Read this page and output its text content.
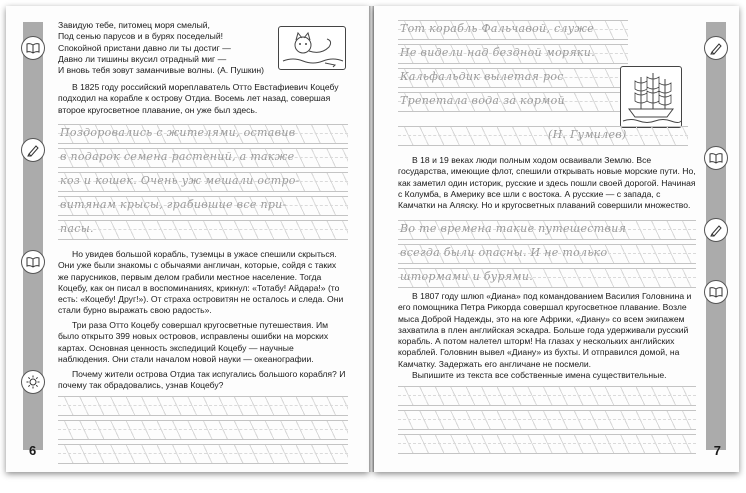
Завидую тебе, питомец моря смелый,

Под сенью парусов и в бурях поседелый!

Спокойной пристани давно ли ты достиг —

Давно ли тишины вкусил отрадный миг —

И вновь тебя зовут заманчивые волны. (А. Пушкин)

В 1825 году российский мореплаватель Отто Евстафиевич Коцебу подходил на корабле к острову Отдиа. Восемь лет назад, совершая второе кругосветное плавание, он уже был здесь.
Поздоровались с жителями, оставив
в подарок семена растений, а также
коз и кошек. Очень уж мешали остро-
витянам крысы, грабившие все при-
пасы.
Но увидев большой корабль, туземцы в ужасе спешили скрыться. Они уже были знакомы с обычаями англичан, которые, сойдя с таких же парусников, первым делом грабили местное население. Тогда Коцебу, как он писал в воспоминаниях, крикнул: «Тотабу! Айдара!» (то есть: «Коцебу! Друг!»). От страха островитян не осталось и следа. Они стали бурно выражать свою радость».
Три раза Отто Коцебу совершал кругосветные путешествия. Им было открыто 399 новых островов, исправлены ошибки на морских картах. Основная ценность экспедиций Коцебу — научные наблюдения. Они стали началом новой науки — океанографии.
Почему жители острова Отдиа так испугались большого корабля? И почему так обрадовались, узнав Коцебу?
6
Тот корабль Фальчавой, служе
Не видели над бездной моряки.
Кальфальдик вылетая рос
Трепетала вода за кормой
(Н. Гумилев)
В 18 и 19 веках люди полным ходом осваивали Землю. Все государства, имеющие флот, спешили открывать новые морские пути. Но, как заметил один историк, русские и здесь пошли своей дорогой. Начиная с Колумба, в Америку все шли с востока. А русские — с запада, с Камчатки на Аляску. Но и кругосветных плаваний совершили множество.
Во те времена такие путешествия
всегда были опасны. И не только
штормами и бурями.
В 1807 году шлюп «Диана» под командованием Василия Головнина и его помощника Петра Рикорда совершал кругосветное плавание. Возле мыса Доброй Надежды, это на юге Африки, «Диану» со всем экипажем захватила в плен английская эскадра. Больше года удерживали русский корабль. А потом налетел шторм! На глазах у нескольких английских кораблей. Головнин вывел «Диану» из бухты. И отправился домой, на Камчатку. Задержать его англичане не посмели.
Выпишите из текста все собственные имена существительные.
7
